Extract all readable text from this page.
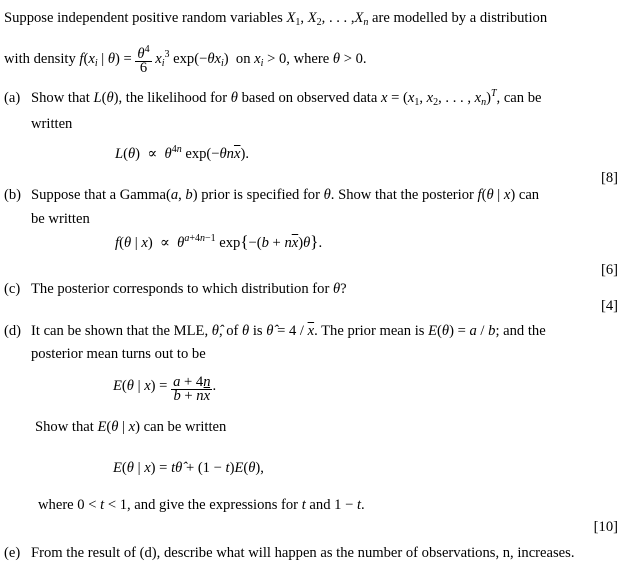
Suppose independent positive random variables $X_1$, $X_2$, . . . $,X_n$ are modelled by a distribution
with density $f(x_i$ | $\theta) = \frac{\theta^4}{6} x_i^3$ $\exp(-\theta x_i)$  on $x_i > 0$, where θ > 0.
(a) Show that L(θ), the likelihood for θ based on observed data $x = (x_1$, $x_2$, . . . , $x_n)^T$, can be
written
$L(\theta) \propto \theta^{4n}$ $\exp(-\theta n\overline{x})$.
[8]
(b) Suppose that a Gamma(a, b) prior is specified for θ. Show that the posterior f(θ | x) can
be written
f(θ | $x) \propto \theta^{a+4n-1}$ $\exp\{-(b + n\overline{x})\theta\}$.
[6]
(c) The posterior corresponds to which distribution for θ?
[4]
(d) It can be shown that the MLE, θ̂, of θ is θ̂ = $4 / \overline{x}$. The prior mean is E(θ) = a / b; and the
posterior mean turns out to be
E(θ | $x) = \frac{a + 4n}{b + n\overline{x}}$ .
Show that E(θ | x) can be written
E(θ | x) = tθ̂ + (1 − t)E(θ),
where 0 < t < 1, and give the expressions for t and 1 − t.
[10]
(e) From the result of (d), describe what will happen as the number of observations, n, increases.
